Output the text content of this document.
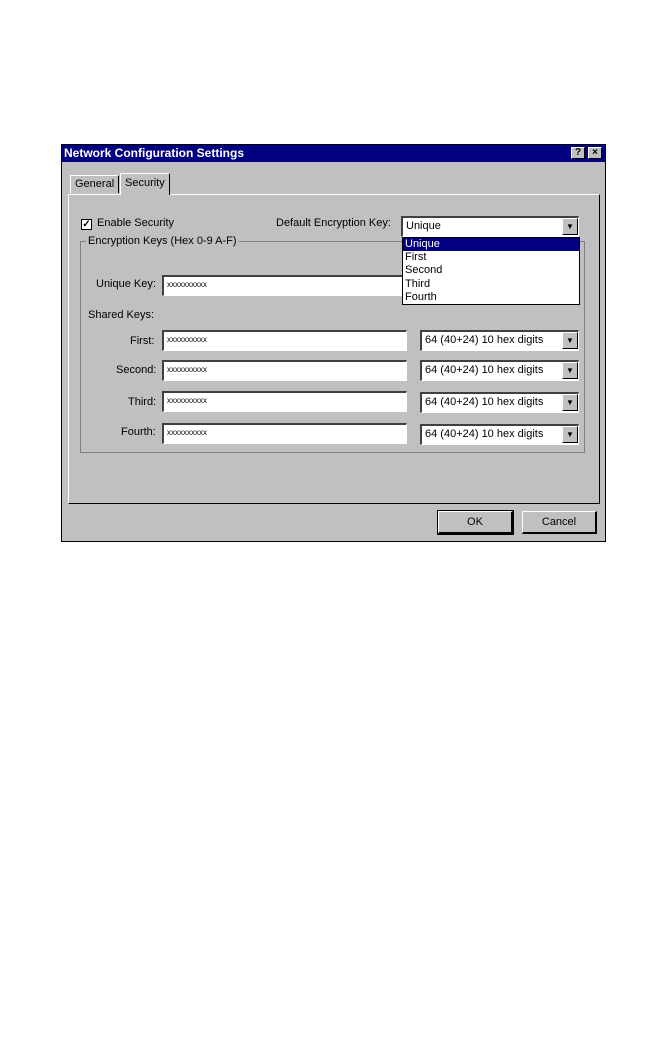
Network Configuration Settings	?	×
General Security
✓ Enable Security	Default Encryption Key:	Unique	▼
Unique
First
Second
Third
Fourth
Encryption Keys (Hex 0-9 A-F)
Unique Key:	xxxxxxxxxx
Shared Keys:
First:	xxxxxxxxxx	64 (40+24) 10 hex digits	▼
Second:	xxxxxxxxxx	64 (40+24) 10 hex digits	▼
Third:	xxxxxxxxxx	64 (40+24) 10 hex digits	▼
Fourth:	xxxxxxxxxx	64 (40+24) 10 hex digits	▼
OK	Cancel
